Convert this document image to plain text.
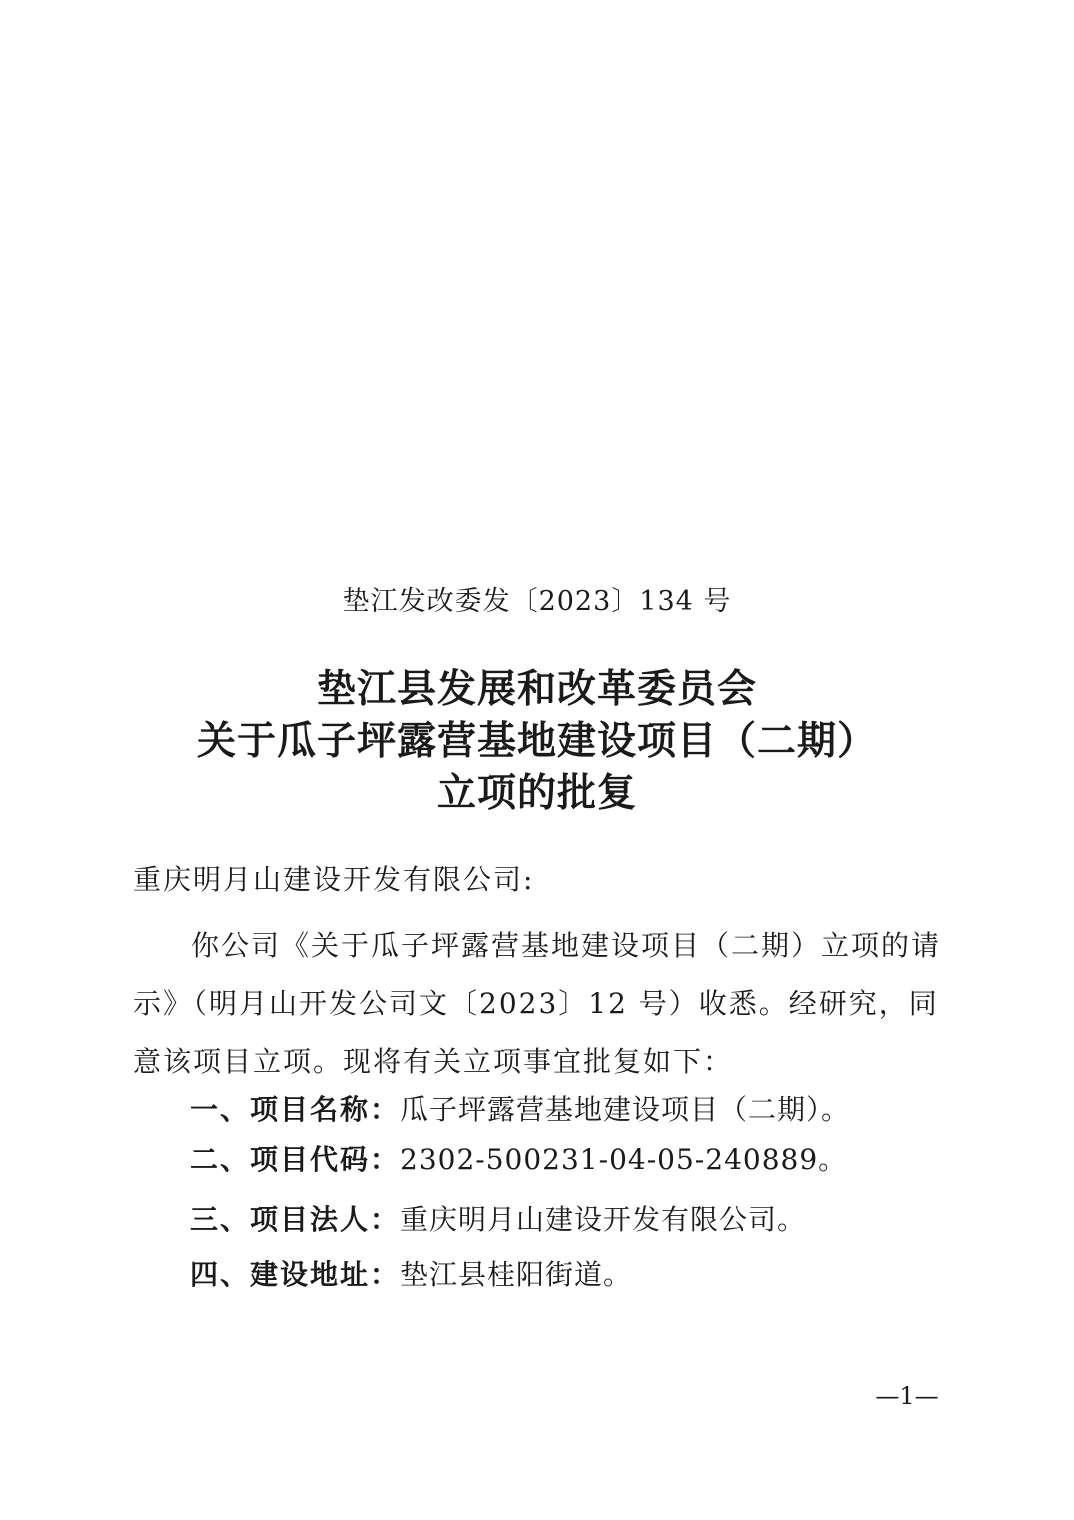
垫江发改委发〔2023〕134 号
垫江县发展和改革委员会
关于瓜子坪露营基地建设项目（二期）
立项的批复
重庆明月山建设开发有限公司:
你公司《关于瓜子坪露营基地建设项目（二期）立项的请示》（明月山开发公司文〔2023〕12 号）收悉。经研究，同意该项目立项。现将有关立项事宜批复如下：
一、项目名称：瓜子坪露营基地建设项目（二期）。
二、项目代码：2302-500231-04-05-240889。
三、项目法人：重庆明月山建设开发有限公司。
四、建设地址：垫江县桂阳街道。
—1—
